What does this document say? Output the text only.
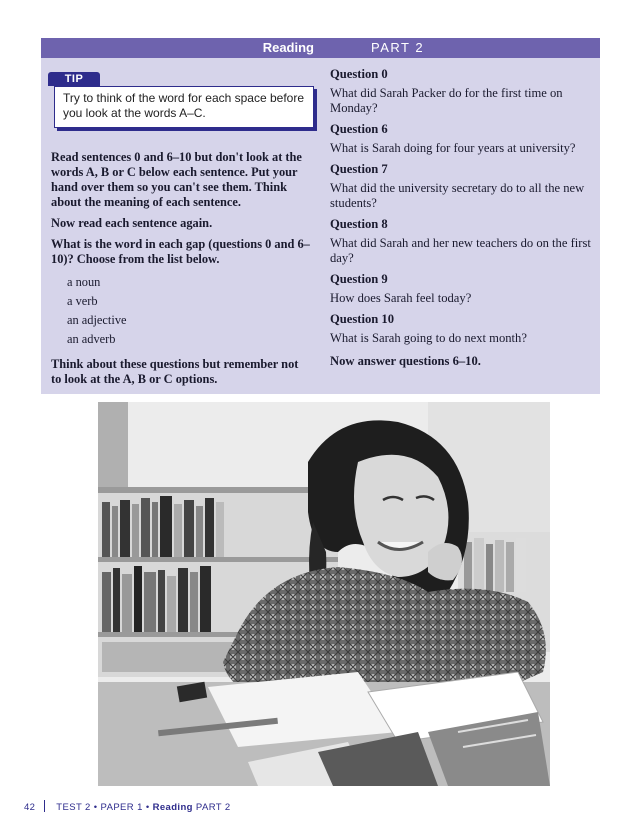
Reading	PART 2
TIP
Try to think of the word for each space before you look at the words A–C.

Read sentences 0 and 6–10 but don't look at the words A, B or C below each sentence. Put your hand over them so you can't see them. Think about the meaning of each sentence.

Now read each sentence again.

What is the word in each gap (questions 0 and 6–10)? Choose from the list below.

a noun
a verb
an adjective
an adverb

Think about these questions but remember not to look at the A, B or C options.

Question 0
What did Sarah Packer do for the first time on Monday?
Question 6
What is Sarah doing for four years at university?
Question 7
What did the university secretary do to all the new students?
Question 8
What did Sarah and her new teachers do on the first day?
Question 9
How does Sarah feel today?
Question 10
What is Sarah going to do next month?
Now answer questions 6–10.
42 TEST 2 • PAPER 1 • Reading PART 2
